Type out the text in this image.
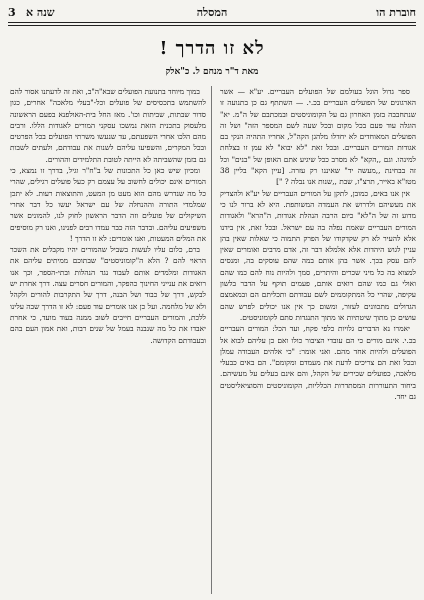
3 שנה א	המסלה	חוברת הו
לא זו הדרך !
מאת ד"ר מנחם ל. כ"אלק

ספר גדול הוגל בעולמם של הפועלים העבריים. יע"א — אשר הארגונים של הפועלים העבריים בכ.י. — השתתף גם כן בתנועה זו שנתחבבה בזמן האחרון גם על הקומוניסטים ובמכתבם של ה"מ. יא" הוגלה עוד פעם בכל מקום ובכל שעה לשם המספר הזה" ושל זה הפועלים המאוחדים לא יחדלו מלהגן הקה"ל, אחריו התהיה הנקי בם אגודות המורים העבריים. ובכל זאת "לא יבוא" לא עמן זו בצלחת למינהו. וגם ,,הקא" לא מסרב ככל שיגיע אתם האופן של "בנים" וכל זה בבחינת ,,מעשה יד" שאיננו רק עזרה. [עיין הקא" בליין 38 מטז"א באייר, תרצ"ז, שבת ,,שנות אנו נבלה ? "]

אין אנו באים, כמובן, לתקן על המורים העבריים של יע"א ולהצדיק את מעשיהם ולדרוש את העמדה המשותפת. היא לא ברור לנו כי מדוע זה של ה"לא" כיום הרבה הנהלת אגודות, ה"הרא" ולאגודות המורים העבריים שאמת נפלה בה עם ישראל. ובכל זאת, אין בידנו אלא להעיר לא רק שקדקודו של הפרק התמוה כי שאלות שאין בהן עניין לגוש היהדות אלא אלמלא דבר זה, אדם מרבים ואומרים שאין להם עסק בכך. אשר בהן אותם במה שהם עוסקים בה, ומנסים למצוא בה כל מיני שכרים והיתרים, סמך ולהיות נוח להם כמו שהם ואולי גם כמו שהם רואים אותם, פעמים תוקף על הדבר בלשון עקיפה, שהרי כל המתקוממים לשם עבודתם ותכליתם הם ובמאמצם הגדולים מתכוונים לעזור, ומשום כך אין אנו יכולים לפרש שהם עושים כן מתוך שיטתיות או מתוך התנגדות סתם לקומוניסטים.

יאמרו נא הדברים גלויות כלפי פקח, ועד הכל: המורים העבריים בכ.י. אינם מורים כי הם עובדי הציבור כולו ואם כן עליהם לבוא אל הפועלים ולהיות אחד מהם. ואני אומר: "כי אלהים העבודה עמלן ובכל זאת הם צריכים לדעת את מעמדם ומקומם". הם באים כבעלי מלאכה, כפועלים שכירים של הקהל, והם אינם בעלים על מעשיהם. ביחוד התעוררות המסתדרות הכלליות, הקומוניסטים והסוציאליסטים גם יחד.

במוך מיוחד בתנועת הפועלים שבא"ה"ב, ואת זה לדעתנו אסור להם להשתמש בתכסיסים של פועלים וכל-"בעלי מלאכה" אחרים, כגון סדור שבתות, שביתות וכו'. מאז החל בית-האולפנא בפעם הראשונה מלעסוק בתכנית הזאת נמשכו עסקני המורים לאגודות הללו. ורבים מהם הלכו אחרי השפעתם, עד שנעשו משרתי הפועלים בכל הפרטים ובכל המקרים, והשפיעו עליהם לשנות את עבודתם, ולעתים לשבות גם בזמן שהשביתה לא הייתה לטובת התלמידים וההורים.

ומכיון שיש כאן כל התכונות של ב"ח"ר וגיל, בדרך זו נמצא, כי המורים אינם יכולים לחשוב על עצמם רק כעל פועלים רגילים, שהרי כל מה שנדרש מהם הוא מעט מן המעט, והתוצאות רעות. לא יתכן שמלמדי התורה וההנחלה של עם ישראל יעשו כל דבר אחרי השיקולים של פועלים וזה הדבר הראשון לחוק לנו, להמונים אשר משפיעים עליהם. ובדבר הזה כבר עמדו רבים לפנינו, ואנו רק מוסיפים את המלים המעטות, ואנו אומרים: לא זו הדרך !

ברם, כלום עליו לעשות בשביל שהמורים יהיו מקבלים את השכר הראוי להם ? הלא ה"קומוניסטים" שבתוכם ממיתים עליהם את האגודות ומלמדים אותם לעבוד נגד הנהלות ובתי-הספר, וכך אנו רואים את ענייני החינוך כהפקר, והמורים חסרים עצה. דרך אחרת יש לבקש, דרך של כבוד ושל הבנה, דרך של התקרבות להורים ולקהל ולא של מלחמה. ועל כן אנו אומרים עוד פעם: לא זו הדרך שבה עלינו ללכת, והמורים העבריים חייבים לשוב ממנה בעוד מועד, כי אחרת יאבדו את כל מה שנבנה בעמל של שנים רבות, ואת אמון העם בהם ובעבודתם הקדושה.
